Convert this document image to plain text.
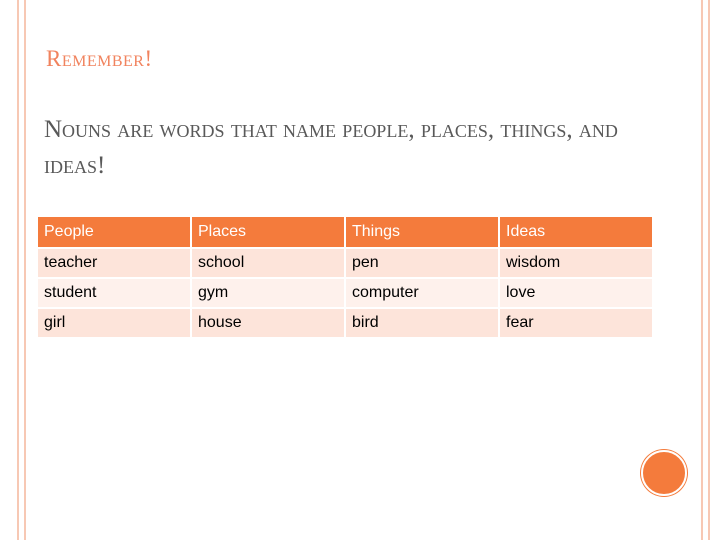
Remember!

Nouns are words that name people, places, things, and ideas!

People	Places	Things	Ideas
teacher	school	pen	wisdom
student	gym	computer	love
girl	house	bird	fear
